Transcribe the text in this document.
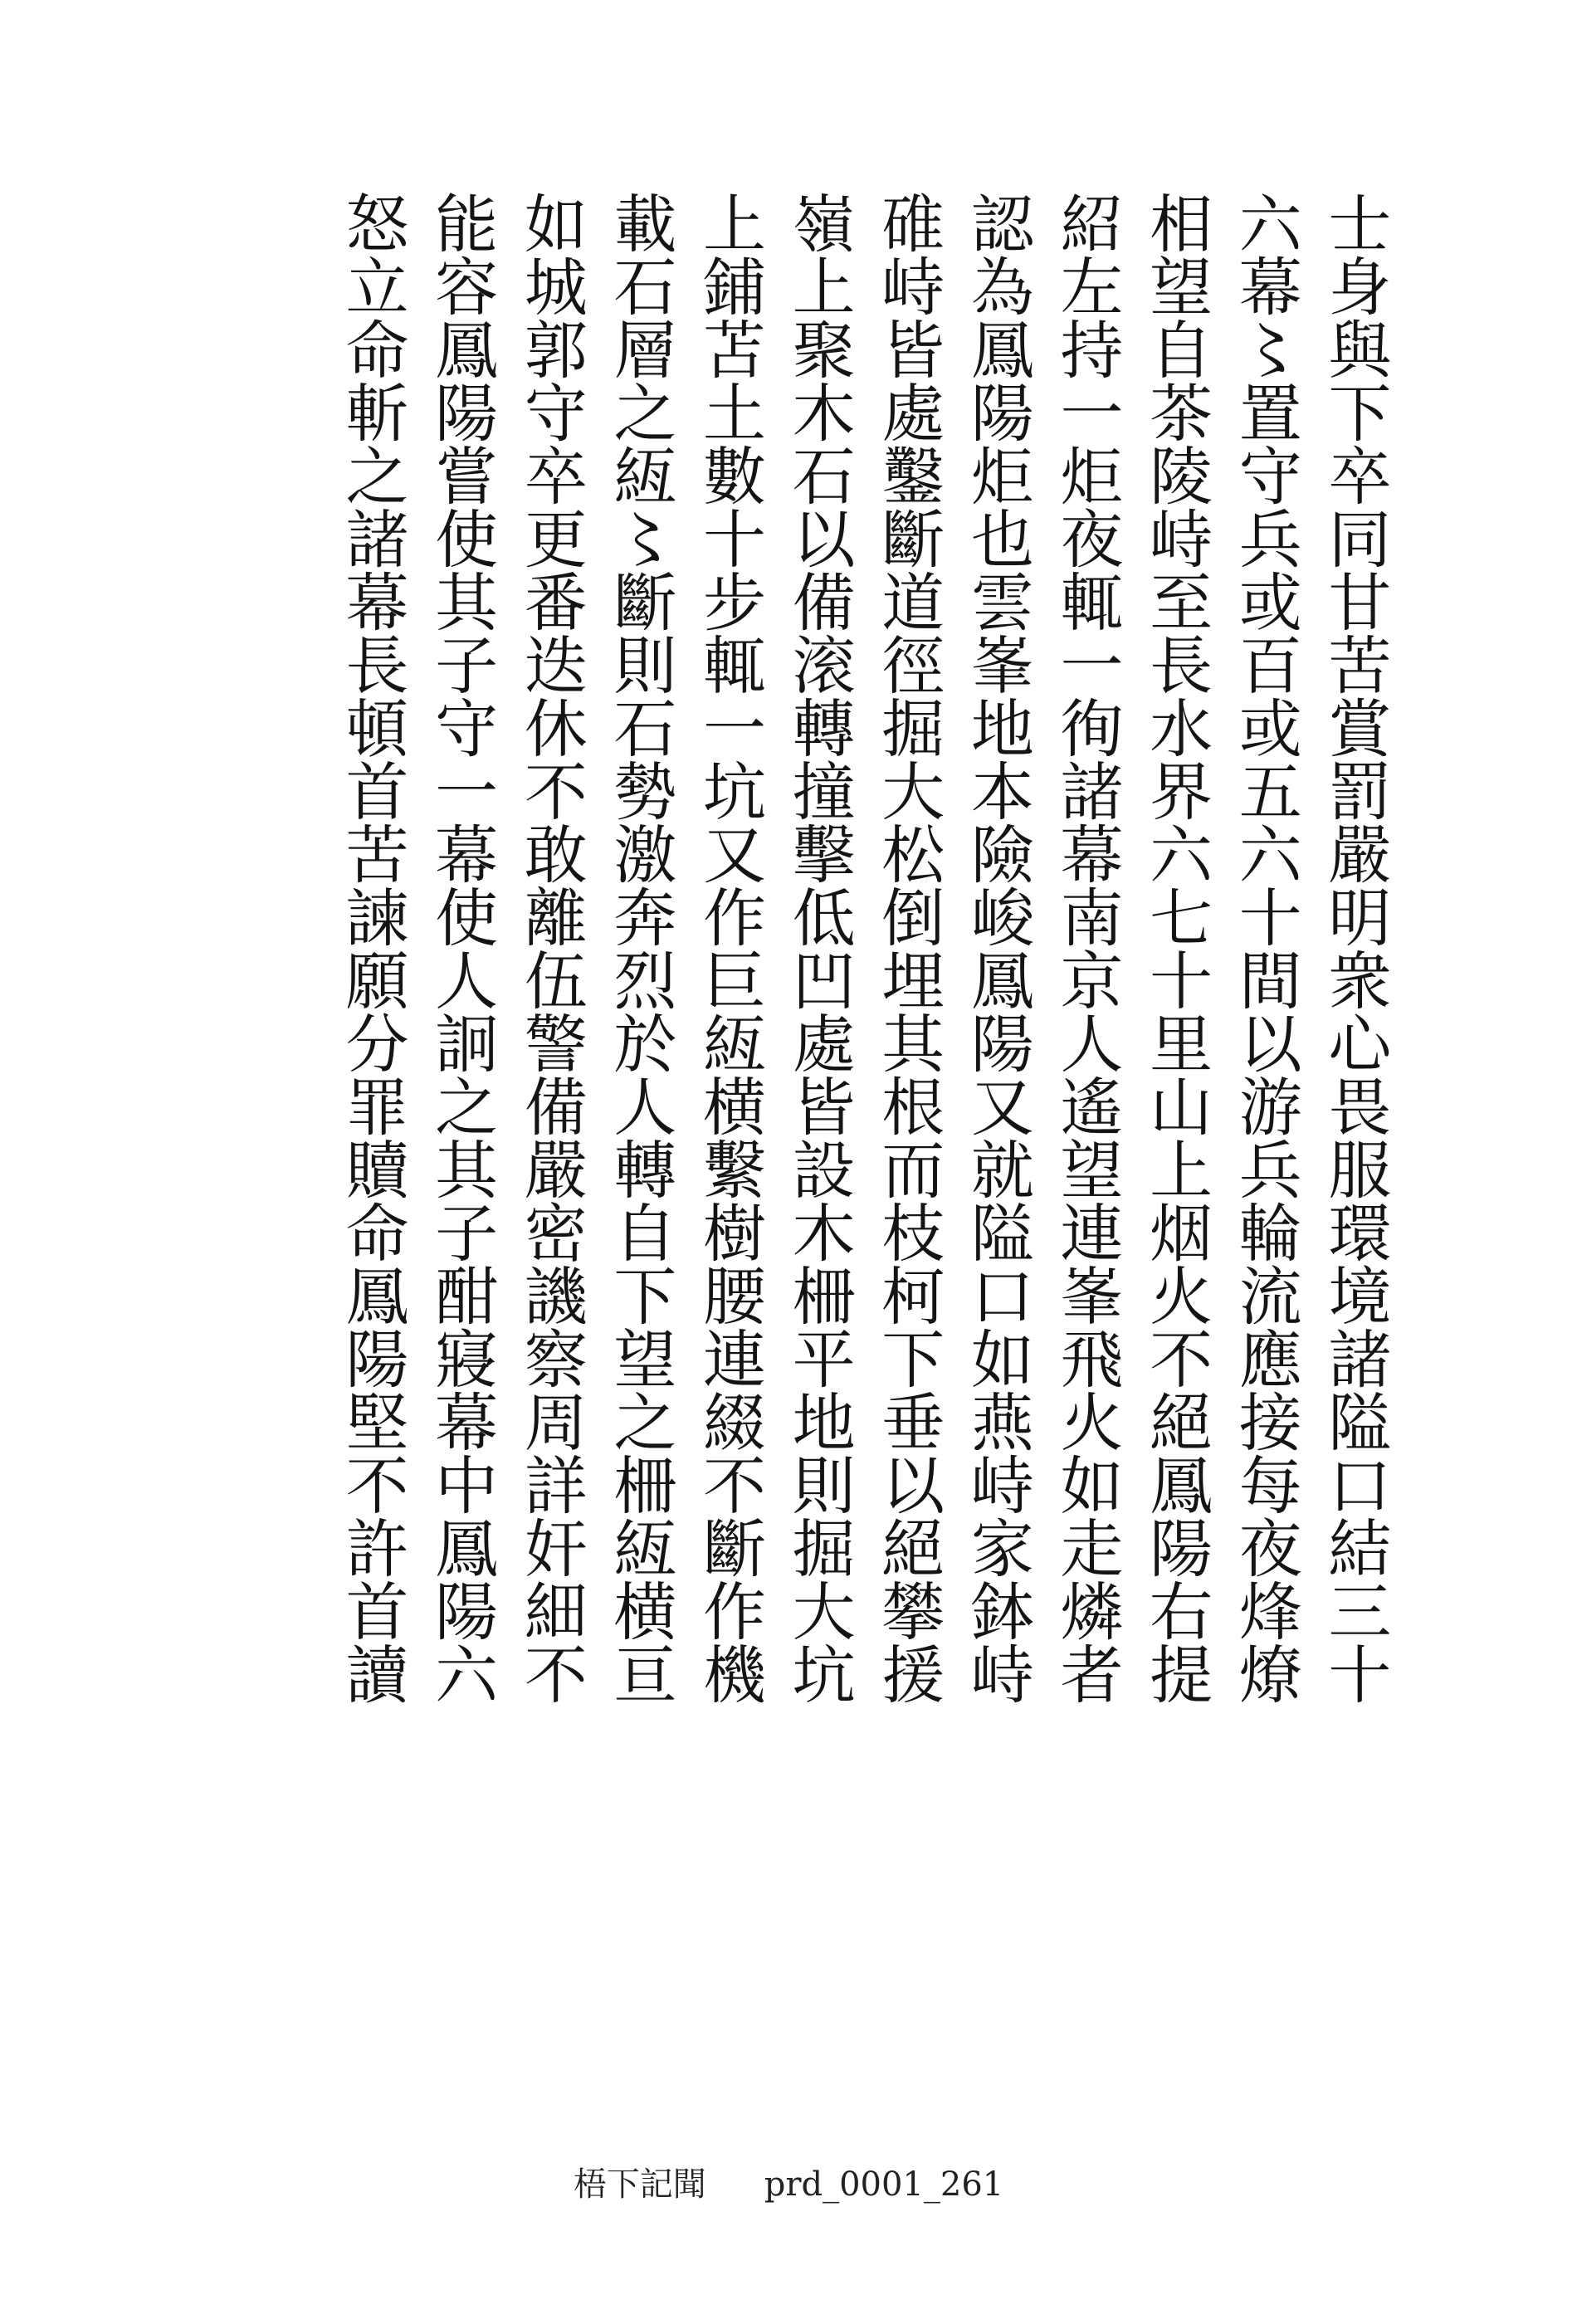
士身與下卒同甘苦賞罰嚴明衆心畏服環境諸隘口結三十
六幕〻置守兵或百或五六十間以游兵輪流應接每夜烽燎
相望自茶陵峙至長水界六七十里山上烟火不絕鳳陽右提
紹左持一炬夜輒一徇諸幕南京人遙望連峯飛火如走燐者
認為鳳陽炬也雲峯地本險峻鳳陽又就隘口如燕峙家鉢峙
碓峙皆處鑿斷道徑掘大松倒埋其根而枝柯下垂以絕攀援
嶺上聚木石以備滚轉撞擊低凹處皆設木柵平地則掘大坑
上鋪苫土數十步輒一坑又作巨絚横繫樹腰連綴不斷作機
載石層之絚〻斷則石勢激奔烈於人轉自下望之柵絚横亘
如城郭守卒更番迭休不敢離伍警備嚴密譏察周詳奸細不
能容鳳陽嘗使其子守一幕使人詗之其子酣寢幕中鳳陽六
怒立命斬之諸幕長頓首苦諫願分罪贖命鳳陽堅不許首讀
梧下記聞 prd_0001_261
